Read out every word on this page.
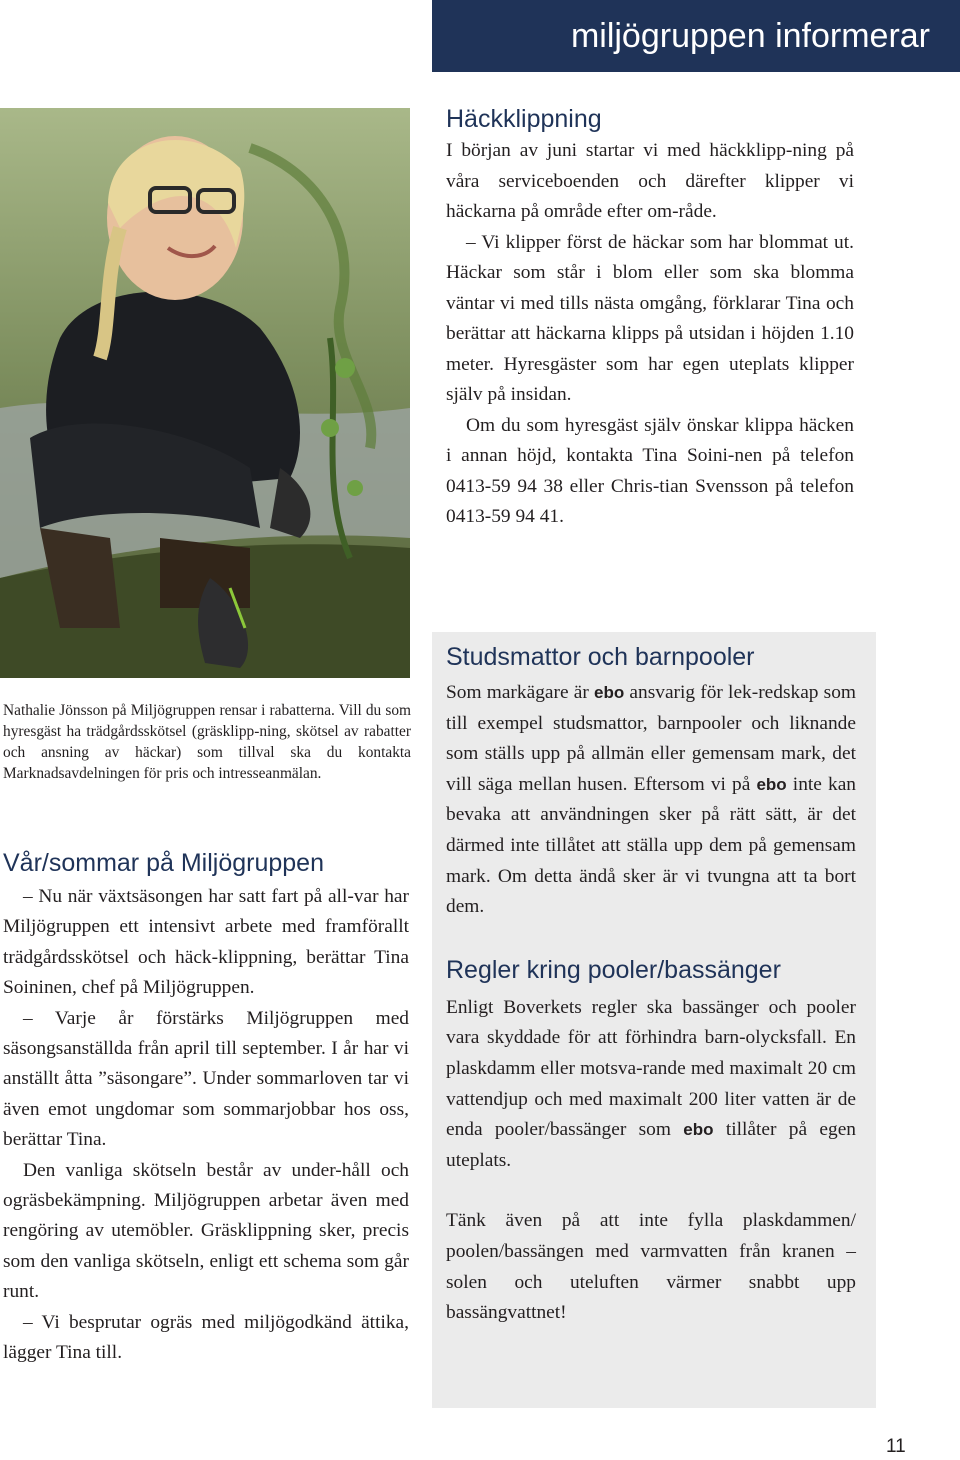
miljögruppen informerar
Nathalie Jönsson på Miljögruppen rensar i rabatterna. Vill du som hyresgäst ha trädgårdsskötsel (gräsklipp-ning, skötsel av rabatter och ansning av häckar) som tillval ska du kontakta Marknadsavdelningen för pris och intresseanmälan.
Häckklippning

I början av juni startar vi med häckklipp-ning på våra serviceboenden och därefter klipper vi häckarna på område efter om-råde.

– Vi klipper först de häckar som har blommat ut. Häckar som står i blom eller som ska blomma väntar vi med tills nästa omgång, förklarar Tina och berättar att häckarna klipps på utsidan i höjden 1.10 meter. Hyresgäster som har egen uteplats klipper själv på insidan.

Om du som hyresgäst själv önskar klippa häcken i annan höjd, kontakta Tina Soini-nen på telefon 0413-59 94 38 eller Chris-tian Svensson på telefon 0413-59 94 41.

Vår/sommar på Miljögruppen

– Nu när växtsäsongen har satt fart på all-var har Miljögruppen ett intensivt arbete med framförallt trädgårdsskötsel och häck-klippning, berättar Tina Soininen, chef på Miljögruppen.

– Varje år förstärks Miljögruppen med säsongsanställda från april till september. I år har vi anställt åtta ”säsongare”. Under sommarloven tar vi även emot ungdomar som sommarjobbar hos oss, berättar Tina.

Den vanliga skötseln består av under-håll och ogräsbekämpning. Miljögruppen arbetar även med rengöring av utemöbler. Gräsklippning sker, precis som den vanliga skötseln, enligt ett schema som går runt.

– Vi besprutar ogräs med miljögodkänd ättika, lägger Tina till.

Studsmattor och barnpooler

Som markägare är ebo ansvarig för lek-redskap som till exempel studsmattor, barnpooler och liknande som ställs upp på allmän eller gemensam mark, det vill säga mellan husen. Eftersom vi på ebo inte kan bevaka att användningen sker på rätt sätt, är det därmed inte tillåtet att ställa upp dem på gemensam mark. Om detta ändå sker är vi tvungna att ta bort dem.

Regler kring pooler/bassänger

Enligt Boverkets regler ska bassänger och pooler vara skyddade för att förhindra barn-olycksfall. En plaskdamm eller motsva-rande med maximalt 20 cm vattendjup och med maximalt 200 liter vatten är de enda pooler/bassänger som ebo tillåter på egen uteplats.

Tänk även på att inte fylla plaskdammen/ poolen/bassängen med varmvatten från kranen – solen och uteluften värmer snabbt upp bassängvattnet!

11
